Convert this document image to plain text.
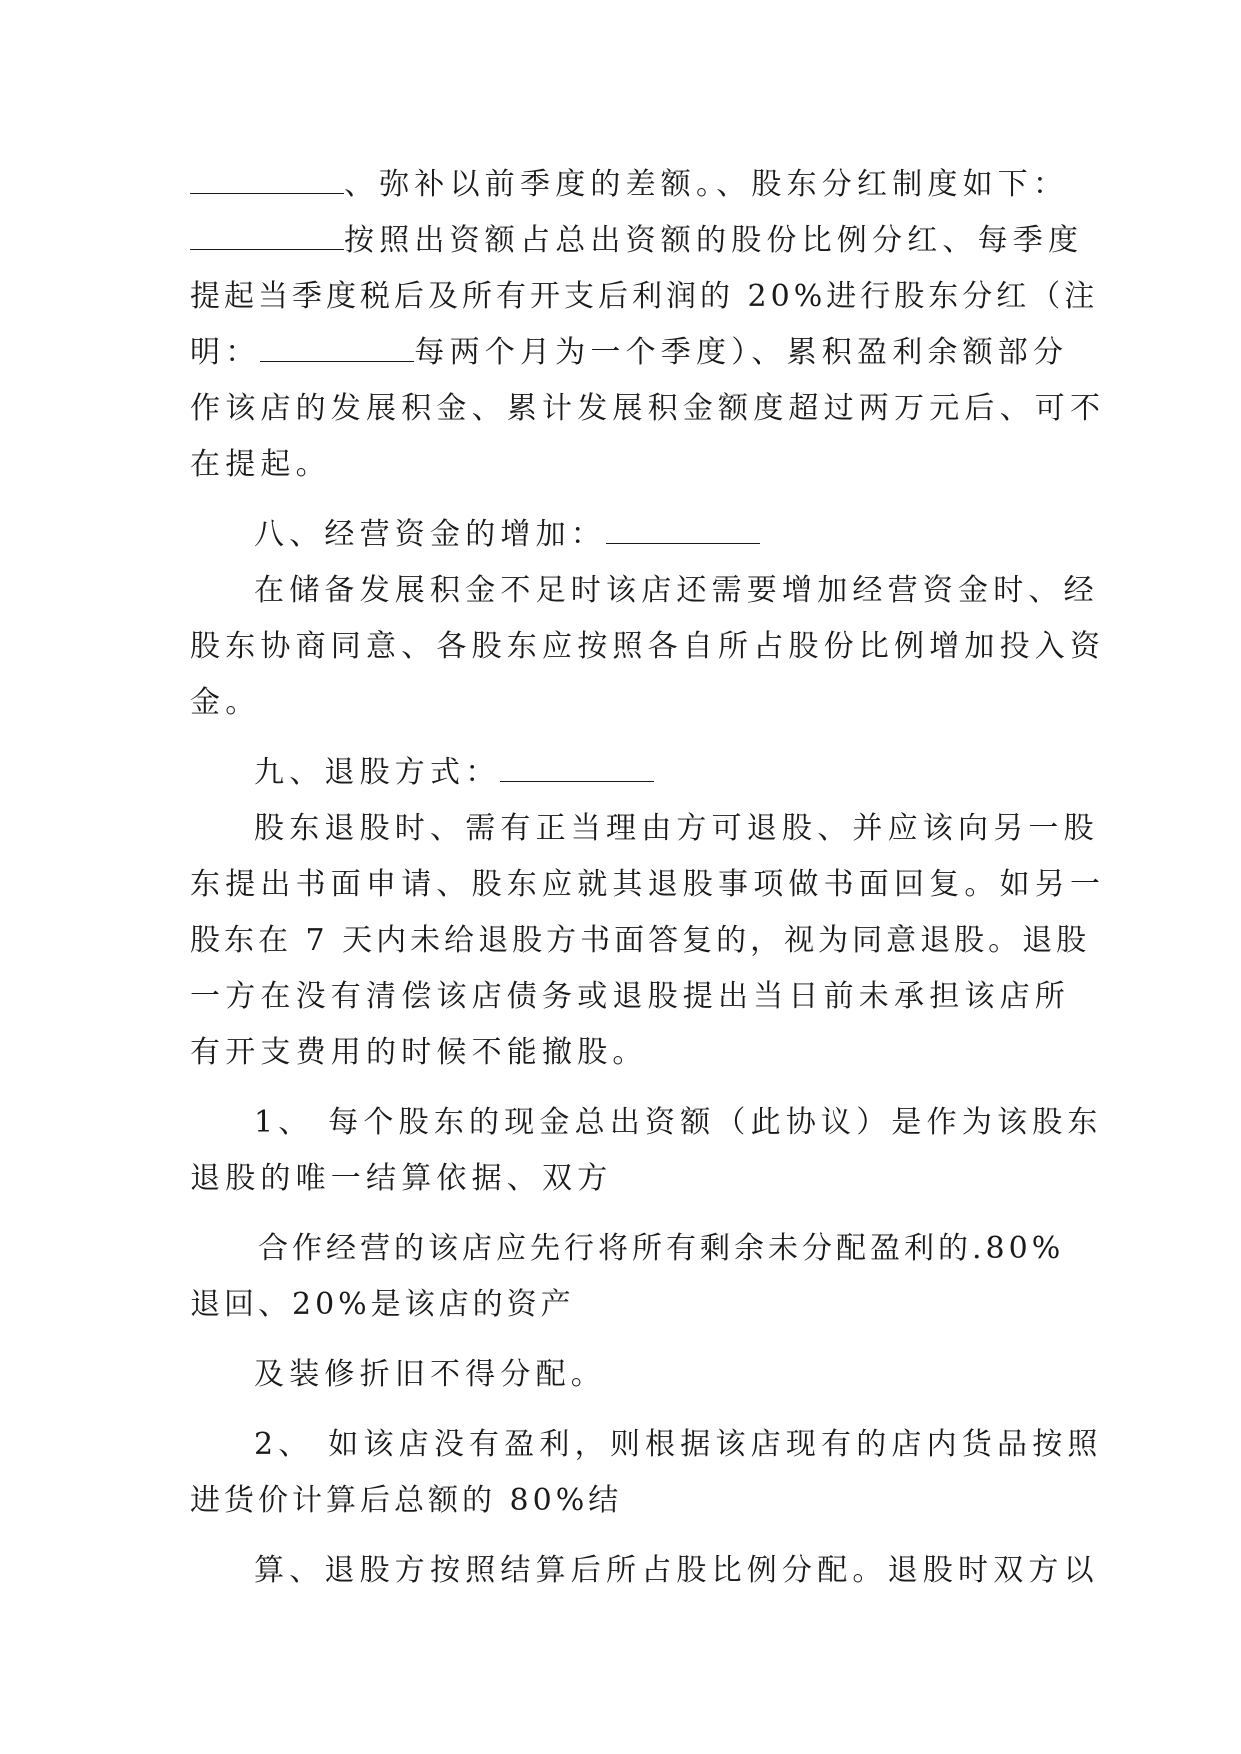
、弥补以前季度的差额。、股东分红制度如下：
按照出资额占总出资额的股份比例分红、每季度
提起当季度税后及所有开支后利润的 20%进行股东分红（注
明：	每两个月为一个季度）、累积盈利余额部分
作该店的发展积金、累计发展积金额度超过两万元后、可不
在提起。
八、经营资金的增加：
在储备发展积金不足时该店还需要增加经营资金时、经
股东协商同意、各股东应按照各自所占股份比例增加投入资
金。
九、退股方式：
股东退股时、需有正当理由方可退股、并应该向另一股
东提出书面申请、股东应就其退股事项做书面回复。如另一
股东在 7 天内未给退股方书面答复的，视为同意退股。退股
一方在没有清偿该店债务或退股提出当日前未承担该店所
有开支费用的时候不能撤股。
1、 每个股东的现金总出资额（此协议）是作为该股东
退股的唯一结算依据、双方
合作经营的该店应先行将所有剩余未分配盈利的.80%
退回、20%是该店的资产
及装修折旧不得分配。
2、 如该店没有盈利，则根据该店现有的店内货品按照
进货价计算后总额的 80%结
算、退股方按照结算后所占股比例分配。退股时双方以
